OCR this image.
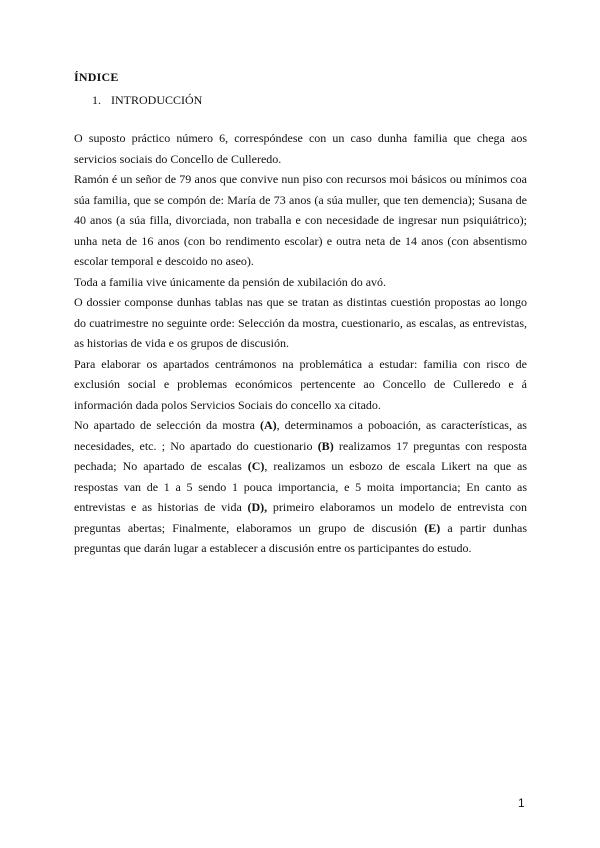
ÍNDICE
1. INTRODUCCIÓN

O suposto práctico número 6, correspóndese con un caso dunha familia que chega aos servicios sociais do Concello de Culleredo.

Ramón é un señor de 79 anos que convive nun piso con recursos moi básicos ou mínimos coa súa familia, que se compón de: María de 73 anos (a súa muller, que ten demencia); Susana de 40 anos (a súa filla, divorciada, non traballa e con necesidade de ingresar nun psiquiátrico); unha neta de 16 anos (con bo rendimento escolar) e outra neta de 14 anos (con absentismo escolar temporal e descoido no aseo).

Toda a familia vive únicamente da pensión de xubilación do avó.

O dossier componse dunhas tablas nas que se tratan as distintas cuestión propostas ao longo do cuatrimestre no seguinte orde: Selección da mostra, cuestionario, as escalas, as entrevistas, as historias de vida e os grupos de discusión.

Para elaborar os apartados centrámonos na problemática a estudar: familia con risco de exclusión social e problemas económicos pertencente ao Concello de Culleredo e á información dada polos Servicios Sociais do concello xa citado.

No apartado de selección da mostra (A), determinamos a poboación, as características, as necesidades, etc. ; No apartado do cuestionario (B) realizamos 17 preguntas con resposta pechada; No apartado de escalas (C), realizamos un esbozo de escala Likert na que as respostas van de 1 a 5 sendo 1 pouca importancia, e 5 moita importancia; En canto as entrevistas e as historias de vida (D), primeiro elaboramos un modelo de entrevista con preguntas abertas; Finalmente, elaboramos un grupo de discusión (E) a partir dunhas preguntas que darán lugar a establecer a discusión entre os participantes do estudo.

1
